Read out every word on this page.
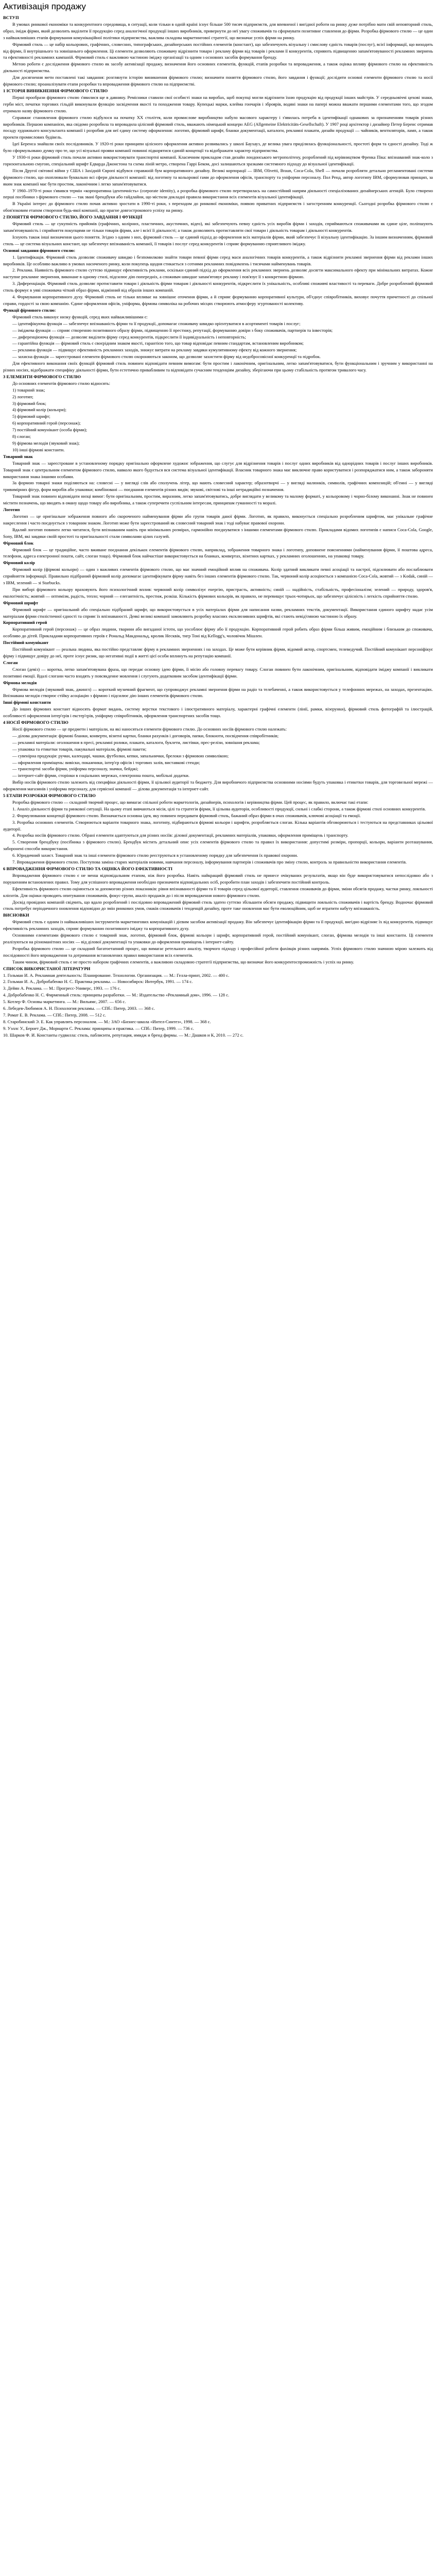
Активізація продажу

ВСТУП

В умовах ринкової економіки та конкурентного середовища, в ситуації, коли тільки в одній країні існує більше 500 тисяч підприємств, для впевненої і вигідної роботи на ринку дуже потрібно мати свій неповторний стиль, образ, імідж фірми, який дозволить виділити її продукцію серед аналогічної продукції інших виробників, привернути до неї увагу споживачів та сформувати позитивне ставлення до фірми. Розробка фірмового стилю — це один з найважливіших етапів формування комунікаційної політики підприємства, важлива складова маркетингової стратегії, що визначає успіх фірми на ринку.

Фірмовий стиль — це набір кольорових, графічних, словесних, типографських, дизайнерських постійних елементів (констант), що забезпечують візуальну і смислову єдність товарів (послуг), всієї інформації, що виходить від фірми, її внутрішнього та зовнішнього оформлення. Ці елементи дозволяють споживачу відрізнити товари і рекламу фірми від товарів і реклами її конкурентів, сприяють підвищенню запам'ятовуваності рекламних звернень та ефективності рекламних кампаній. Фірмовий стиль є важливою частиною іміджу організації та одним з основних засобів формування бренду.

Метою роботи є дослідження фірмового стилю як засобу активізації продажу, визначення його основних елементів, функцій, етапів розробки та впровадження, а також оцінка впливу фірмового стилю на ефективність діяльності підприємства.

Для досягнення мети поставлені такі завдання: розглянути історію виникнення фірмового стилю; визначити поняття фірмового стилю, його завдання і функції; дослідити основні елементи фірмового стилю та носії фірмового стилю; проаналізувати етапи розробки та впровадження фірмового стилю на підприємстві.

1 ІСТОРІЯ ВИНИКНЕННЯ ФІРМОВОГО СТИЛЮ

Перші прообрази фірмового стилю з'явилися ще в давнину. Ремісники ставили свої особисті знаки на виробах, щоб покупці могли відрізнити їхню продукцію від продукції інших майстрів. У середньовіччі цехові знаки, герби міст, печатки торгових гільдій виконували функцію засвідчення якості та походження товару. Купецькі марки, клейма гончарів і зброярів, водяні знаки на папері можна вважати першими елементами того, що згодом отримало назву фірмового стилю.

Справжнє становлення фірмового стилю відбулося на початку XX століття, коли промислове виробництво набуло масового характеру і з'явилась потреба в ідентифікації однакових за призначенням товарів різних виробників. Першою компанією, яка свідомо розробила та впровадила цілісний фірмовий стиль, вважають німецький концерн AEG (Allgemeine Elektricitäts-Gesellschaft). У 1907 році архітектор і дизайнер Петер Беренс отримав посаду художнього консультанта компанії і розробив для неї єдину систему оформлення: логотип, фірмовий шрифт, бланки документації, каталоги, рекламні плакати, дизайн продукції — чайників, вентиляторів, ламп, а також проекти промислових будівель.

Ідеї Беренса знайшли своїх послідовників. У 1920-ті роки принципи цілісного оформлення активно розвивались у школі Баухауз, де велика увага приділялась функціональності, простоті форм та єдності дизайну. Тоді ж було сформульовано думку про те, що усі візуальні прояви компанії повинні підкорятися єдиній концепції та відображати характер підприємства.

У 1930-ті роки фірмовий стиль почали активно використовувати транспортні компанії. Класичним прикладом став дизайн лондонського метрополітену, розроблений під керівництвом Френка Піка: впізнаваний знак-коло з горизонтальною смугою, спеціальний шрифт Едварда Джонстона та схема ліній метро, створена Гаррі Беком, досі залишаються зразками системного підходу до візуальної ідентифікації.

Після Другої світової війни у США і Західній Європі відбувся справжній бум корпоративного дизайну. Великі корпорації — IBM, Olivetti, Braun, Coca-Cola, Shell — почали розробляти детально регламентовані системи фірмового стилю, що охоплювали буквально всі сфери діяльності компанії: від логотипу та кольорової гами до оформлення офісів, транспорту та уніформи персоналу. Пол Ренд, автор логотипу IBM, сформулював принцип, за яким знак компанії має бути простим, лаконічним і легко запам'ятовуватися.

У 1960–1970-ті роки з'явився термін «корпоративна ідентичність» (corporate identity), а розробка фірмового стилю перетворилась на самостійний напрям діяльності спеціалізованих дизайнерських агенцій. Було створено перші посібники з фірмового стилю — так звані брендбуки або гайдлайни, що містили докладні правила використання всіх елементів візуальної ідентифікації.

В Україні інтерес до фірмового стилю почав активно зростати в 1990-ті роки, з переходом до ринкової економіки, появою приватних підприємств і загостренням конкуренції. Сьогодні розробка фірмового стилю є обов'язковим етапом створення будь-якої компанії, що прагне довгострокового успіху на ринку.

2 ПОНЯТТЯ ФІРМОВОГО СТИЛЮ, ЙОГО ЗАВДАННЯ І ФУНКЦІЇ

Фірмовий стиль — це сукупність прийомів (графічних, колірних, пластичних, акустичних, відео), які забезпечують певну єдність усіх виробів фірми і заходів, сприймаються споживачами як єдине ціле, поліпшують запам'ятовуваність і сприйняття покупцями не тільки товарів фірми, але і всієї її діяльності; а також дозволяють протиставляти свої товари і діяльність товарам і діяльності конкурентів.

Існують також інші визначення цього поняття. Згідно з одним з них, фірмовий стиль — це єдиний підхід до оформлення всіх матеріалів фірми, який забезпечує її візуальну ідентифікацію. За іншим визначенням, фірмовий стиль — це система візуальних констант, що забезпечує впізнаваність компанії, її товарів і послуг серед конкурентів і сприяє формуванню сприятливого іміджу.

Основні завдання фірмового стилю:

1. Ідентифікація. Фірмовий стиль дозволяє споживачу швидко і безпомилково знайти товари певної фірми серед маси аналогічних товарів конкурентів, а також відрізнити рекламні звернення фірми від реклами інших виробників. Це особливо важливо в умовах насиченого ринку, коли покупець щодня стикається з сотнями рекламних повідомлень і тисячами найменувань товарів.

2. Реклама. Наявність фірмового стилю суттєво підвищує ефективність реклами, оскільки єдиний підхід до оформлення всіх рекламних звернень дозволяє досягти максимального ефекту при мінімальних витратах. Кожне наступне рекламне звернення, виконане в одному стилі, підсилює дію попередніх, а споживач швидше запам'ятовує рекламу і пов'язує її з конкретною фірмою.

3. Диференціація. Фірмовий стиль дозволяє протиставити товари і діяльність фірми товарам і діяльності конкурентів, підкреслити їх унікальність, особливі споживчі властивості та переваги. Добре розроблений фірмовий стиль формує в уяві споживача чіткий образ фірми, відмінний від образів інших компаній.

4. Формування корпоративного духу. Фірмовий стиль не тільки впливає на зовнішнє оточення фірми, а й сприяє формуванню корпоративної культури, об'єднує співробітників, виховує почуття причетності до спільної справи, гордості за свою компанію. Єдине оформлення офісів, уніформа, фірмова символіка на робочих місцях створюють атмосферу згуртованості колективу.

Функції фірмового стилю:

Фірмовий стиль виконує низку функцій, серед яких найважливішими є:

— ідентифікуюча функція — забезпечує впізнаваність фірми та її продукції, допомагає споживачу швидко орієнтуватися в асортименті товарів і послуг;

— іміджева функція — сприяє створенню позитивного образу фірми, підвищенню її престижу, репутації, формуванню довіри з боку споживачів, партнерів та інвесторів;

— диференціююча функція — дозволяє виділити фірму серед конкурентів, підкреслити її індивідуальність і неповторність;

— гарантійна функція — фірмовий стиль є своєрідним знаком якості, гарантією того, що товар відповідає певним стандартам, встановленим виробником;

— рекламна функція — підвищує ефективність рекламних заходів, знижує витрати на рекламу завдяки кумулятивному ефекту від кожного звернення;

— захисна функція — зареєстровані елементи фірмового стилю охороняються законом, що дозволяє захистити фірму від недобросовісної конкуренції та підробок.

Для ефективного виконання своїх функцій фірмовий стиль повинен відповідати певним вимогам: бути простим і лаконічним, оригінальним, легко запам'ятовуватися, бути функціональним і зручним у використанні на різних носіях, відображати специфіку діяльності фірми, бути естетично привабливим та відповідати сучасним тенденціям дизайну, зберігаючи при цьому стабільність протягом тривалого часу.

3 ЕЛЕМЕНТИ ФІРМОВОГО СТИЛЮ

До основних елементів фірмового стилю відносять:

1) товарний знак;

2) логотип;

3) фірмовий блок;

4) фірмовий колір (кольори);

5) фірмовий шрифт;

6) корпоративний герой (персонаж);

7) постійний комунікант (особа фірми);

8) слоган;

9) фірмова мелодія (звуковий знак);

10) інші фірмові константи.

Товарний знак

Товарний знак — зареєстроване в установленому порядку оригінально оформлене художнє зображення, що слугує для відрізнення товарів і послуг одних виробників від однорідних товарів і послуг інших виробників. Товарний знак є центральним елементом фірмового стилю, навколо якого будується вся система візуальної ідентифікації. Власник товарного знака має виключне право користуватися і розпоряджатися ним, а також забороняти використання знака іншими особами.

За формою товарні знаки поділяються на: словесні — у вигляді слів або сполучень літер, що мають словесний характер; образотворчі — у вигляді малюнків, символів, графічних композицій; об'ємні — у вигляді тривимірних фігур, форм виробів або упаковки; комбіновані — поєднання елементів різних видів; звукові, світлові та інші нетрадиційні позначення.

Товарний знак повинен відповідати низці вимог: бути оригінальним, простим, виразним, легко запам'ятовуватись, добре виглядати у великому та малому форматі, у кольоровому і чорно-білому виконанні. Знак не повинен містити позначень, що вводять в оману щодо товару або виробника, а також суперечити суспільним інтересам, принципам гуманності та моралі.

Логотип

Логотип — це оригінальне зображення повного або скороченого найменування фірми або групи товарів даної фірми. Логотип, як правило, виконується спеціально розробленим шрифтом, має унікальне графічне накреслення і часто поєднується з товарним знаком. Логотип може бути зареєстрований як словесний товарний знак і тоді набуває правової охорони.

Вдалий логотип повинен легко читатися, бути впізнаваним навіть при мінімальних розмірах, гармонійно поєднуватися з іншими елементами фірмового стилю. Прикладами відомих логотипів є написи Coca-Cola, Google, Sony, IBM, які завдяки своїй простоті та оригінальності стали символами цілих галузей.

Фірмовий блок

Фірмовий блок — це традиційне, часто вживане поєднання декількох елементів фірмового стилю, наприклад, зображення товарного знака і логотипу, доповнене поясненнями (найменування фірми, її поштова адреса, телефони, адреса електронної пошти, сайт, слоган тощо). Фірмовий блок найчастіше використовується на бланках, конвертах, візитних картках, у рекламних оголошеннях, на упаковці товару.

Фірмовий колір

Фірмовий колір (фірмові кольори) — один з важливих елементів фірмового стилю, що має значний емоційний вплив на споживача. Колір здатний викликати певні асоціації та настрої, підсилювати або послаблювати сприйняття інформації. Правильно підібраний фірмовий колір допомагає ідентифікувати фірму навіть без інших елементів фірмового стилю. Так, червоний колір асоціюється з компанією Coca-Cola, жовтий — з Kodak, синій — з IBM, зелений — зі Starbucks.

При виборі фірмового кольору враховують його психологічний вплив: червоний колір символізує енергію, пристрасть, активність; синій — надійність, стабільність, професіоналізм; зелений — природу, здоров'я, екологічність; жовтий — оптимізм, радість, тепло; чорний — елегантність, престиж, розкіш. Кількість фірмових кольорів, як правило, не перевищує трьох-чотирьох, що забезпечує цілісність і легкість сприйняття стилю.

Фірмовий шрифт

Фірмовий шрифт — оригінальний або спеціально підібраний шрифт, що використовується в усіх матеріалах фірми для написання назви, рекламних текстів, документації. Використання єдиного шрифту надає усім матеріалам фірми стилістичної єдності та сприяє їх впізнаваності. Деякі великі компанії замовляють розробку власних ексклюзивних шрифтів, які стають невід'ємною частиною їх образу.

Корпоративний герой

Корпоративний герой (персонаж) — це образ людини, тварини або вигаданої істоти, що уособлює фірму або її продукцію. Корпоративний герой робить образ фірми більш живим, емоційним і близьким до споживача, особливо до дітей. Прикладами корпоративних героїв є Рональд Макдональд, кролик Несквік, тигр Тоні від Kellogg's, чоловічок Мішлен.

Постійний комунікант

Постійний комунікант — реальна людина, яка постійно представляє фірму в рекламних зверненнях і на заходах. Це може бути керівник фірми, відомий актор, спортсмен, телеведучий. Постійний комунікант персоніфікує фірму і підвищує довіру до неї, проте існує ризик, що негативні події в житті цієї особи вплинуть на репутацію компанії.

Слоган

Слоган (девіз) — коротка, легко запам'ятовувана фраза, що передає основну ідею фірми, її місію або головну перевагу товару. Слоган повинен бути лаконічним, оригінальним, відповідати іміджу компанії і викликати позитивні емоції. Вдалі слогани часто входять у повсякденне мовлення і слугують додатковим засобом ідентифікації фірми.

Фірмова мелодія

Фірмова мелодія (звуковий знак, джингл) — короткий музичний фрагмент, що супроводжує рекламні звернення фірми на радіо та телебаченні, а також використовується у телефонних мережах, на заходах, презентаціях. Впізнавана мелодія створює стійку асоціацію з фірмою і підсилює дію інших елементів фірмового стилю.

Інші фірмові константи

До інших фірмових констант відносять формат видань, систему верстки текстового і ілюстративного матеріалу, характерні графічні елементи (лінії, рамки, візерунки), фірмовий стиль фотографій та ілюстрацій, особливості оформлення інтер'єрів і екстер'єрів, уніформу співробітників, оформлення транспортних засобів тощо.

4 НОСІЇ ФІРМОВОГО СТИЛЮ

Носії фірмового стилю — це предмети і матеріали, на які наносяться елементи фірмового стилю. До основних носіїв фірмового стилю належать:

— ділова документація: фірмові бланки, конверти, візитні картки, бланки рахунків і договорів, папки, блокноти, посвідчення співробітників;

— рекламні матеріали: оголошення в пресі, рекламні ролики, плакати, каталоги, буклети, листівки, прес-релізи, зовнішня реклама;

— упаковка та етикетки товарів, пакувальні матеріали, фірмові пакети;

— сувенірна продукція: ручки, календарі, чашки, футболки, кепки, запальнички, брелоки з фірмовою символікою;

— оформлення приміщень: вивіски, покажчики, інтер'єр офісів і торгових залів, виставкові стенди;

— транспортні засоби фірми, уніформа персоналу, значки, бейджі;

— інтернет-сайт фірми, сторінки в соціальних мережах, електронна пошта, мобільні додатки.

Вибір носіїв фірмового стилю залежить від специфіки діяльності фірми, її цільової аудиторії та бюджету. Для виробничого підприємства основними носіями будуть упаковка і етикетки товарів, для торговельної мережі — оформлення магазинів і уніформа персоналу, для сервісної компанії — ділова документація та інтернет-сайт.

5 ЕТАПИ РОЗРОБКИ ФІРМОВОГО СТИЛЮ

Розробка фірмового стилю — складний творчий процес, що вимагає спільної роботи маркетологів, дизайнерів, психологів і керівництва фірми. Цей процес, як правило, включає такі етапи:

1. Аналіз діяльності фірми та ринкової ситуації. На цьому етапі вивчаються місія, цілі та стратегія фірми, її цільова аудиторія, особливості продукції, сильні і слабкі сторони, а також фірмові стилі основних конкурентів.

2. Формулювання концепції фірмового стилю. Визначається основна ідея, яку повинен передавати фірмовий стиль, бажаний образ фірми в очах споживачів, ключові асоціації та емоції.

3. Розробка основних елементів. Створюються варіанти товарного знака, логотипу, підбираються фірмові кольори і шрифти, розробляється слоган. Кілька варіантів обговорюються і тестуються на представниках цільової аудиторії.

4. Розробка носіїв фірмового стилю. Обрані елементи адаптуються для різних носіїв: ділової документації, рекламних матеріалів, упаковки, оформлення приміщень і транспорту.

5. Створення брендбуку (посібника з фірмового стилю). Брендбук містить детальний опис усіх елементів фірмового стилю та правил їх використання: допустимі розміри, пропорції, кольори, варіанти розташування, заборонені способи використання.

6. Юридичний захист. Товарний знак та інші елементи фірмового стилю реєструються в установленому порядку для забезпечення їх правової охорони.

7. Впровадження фірмового стилю. Поступова заміна старих матеріалів новими, навчання персоналу, інформування партнерів і споживачів про зміну стилю, контроль за правильністю використання елементів.

6 ВПРОВАДЖЕННЯ ФІРМОВОГО СТИЛЮ ТА ОЦІНКА ЙОГО ЕФЕКТИВНОСТІ

Впровадження фірмового стилю є не менш відповідальним етапом, ніж його розробка. Навіть найкращий фірмовий стиль не принесе очікуваних результатів, якщо він буде використовуватися непослідовно або з порушенням встановлених правил. Тому для успішного впровадження необхідно призначити відповідальних осіб, розробити план заходів і забезпечити постійний контроль.

Ефективність фірмового стилю оцінюється за допомогою різних показників: рівня впізнаваності фірми та її товарів серед цільової аудиторії, ставлення споживачів до фірми, зміни обсягів продажу, частки ринку, лояльності клієнтів. Для оцінки проводять опитування споживачів, фокус-групи, аналіз продажів до і після впровадження нового фірмового стилю.

Досвід провідних компаній свідчить, що вдало розроблений і послідовно впроваджений фірмовий стиль здатен суттєво збільшити обсяги продажу, підвищити лояльність споживачів і вартість бренду. Водночас фірмовий стиль потребує періодичного оновлення відповідно до змін ринкових умов, смаків споживачів і тенденцій дизайну, проте таке оновлення має бути еволюційним, щоб не втратити набуту впізнаваність.

ВИСНОВКИ

Фірмовий стиль є одним із найважливіших інструментів маркетингових комунікацій і дієвим засобом активізації продажу. Він забезпечує ідентифікацію фірми та її продукції, вигідно відрізняє їх від конкурентів, підвищує ефективність рекламних заходів, сприяє формуванню позитивного іміджу та корпоративного духу.

Основними елементами фірмового стилю є товарний знак, логотип, фірмовий блок, фірмові кольори і шрифт, корпоративний герой, постійний комунікант, слоган, фірмова мелодія та інші константи. Ці елементи реалізуються на різноманітних носіях — від ділової документації та упаковки до оформлення приміщень і інтернет-сайту.

Розробка фірмового стилю — це складний багатоетапний процес, що вимагає ретельного аналізу, творчого підходу і професійної роботи фахівців різних напрямів. Успіх фірмового стилю значною мірою залежить від послідовності його впровадження та дотримання встановлених правил використання всіх елементів.

Таким чином, фірмовий стиль є не просто набором графічних елементів, а важливою складовою стратегії підприємства, що визначає його конкурентоспроможність і успіх на ринку.

СПИСОК ВИКОРИСТАНОЇ ЛІТЕРАТУРИ

1. Гольман И. А. Рекламная деятельность: Планирование. Технологии. Организация. — М.: Гелла-принт, 2002. — 400 с.

2. Гольман И. А., Добробабенко Н. С. Практика рекламы. — Новосибирск: Интербук, 1991. — 174 с.

3. Дейян А. Реклама. — М.: Прогресс-Универс, 1993. — 176 с.

4. Добробабенко Н. С. Фирменный стиль: принципы разработки. — М.: Издательство «Рекламный дом», 1996. — 128 с.

5. Котлер Ф. Основы маркетинга. — М.: Вильямс, 2007. — 656 с.

6. Лебедев-Любимов А. Н. Психология рекламы. — СПб.: Питер, 2003. — 368 с.

7. Ромат Е. В. Реклама. — СПб.: Питер, 2008. — 512 с.

8. Старобинский Э. Е. Как управлять персоналом. — М.: ЗАО «Бизнес-школа «Интел-Синтез», 1998. — 368 с.

9. Уэллс У., Бернет Дж., Мориарти С. Реклама: принципы и практика. — СПб.: Питер, 1999. — 736 с.

10. Шарков Ф. И. Константы гудвилла: стиль, паблисити, репутация, имидж и бренд фирмы. — М.: Дашков и К, 2010. — 272 с.
